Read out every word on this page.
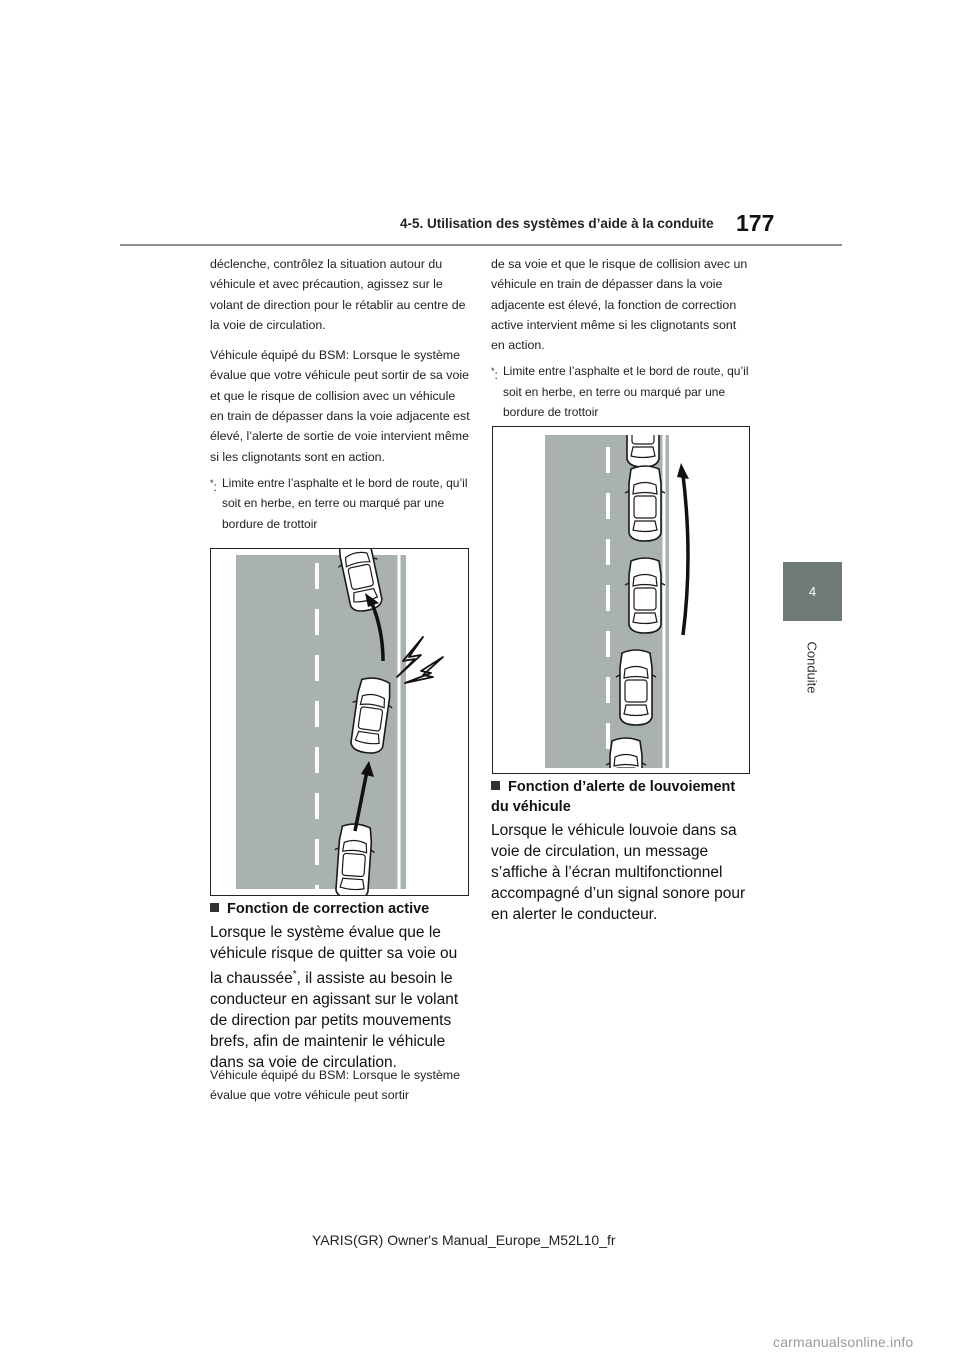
4-5. Utilisation des systèmes d’aide à la conduite 177
4
Conduite

déclenche, contrôlez la situation autour du véhicule et avec précaution, agissez sur le volant de direction pour le rétablir au centre de la voie de circulation.

Véhicule équipé du BSM: Lorsque le système évalue que votre véhicule peut sortir de sa voie et que le risque de collision avec un véhicule en train de dépasser dans la voie adjacente est élevé, l’alerte de sortie de voie intervient même si les clignotants sont en action.

*: Limite entre l’asphalte et le bord de route, qu’il soit en herbe, en terre ou marqué par une bordure de trottoir
Fonction de correction active

Lorsque le système évalue que le véhicule risque de quitter sa voie ou la chaussée*, il assiste au besoin le conducteur en agissant sur le volant de direction par petits mouvements brefs, afin de maintenir le véhicule dans sa voie de circulation.

Véhicule équipé du BSM: Lorsque le système évalue que votre véhicule peut sortir

de sa voie et que le risque de collision avec un véhicule en train de dépasser dans la voie adjacente est élevé, la fonction de correction active intervient même si les clignotants sont en action.

*: Limite entre l’asphalte et le bord de route, qu’il soit en herbe, en terre ou marqué par une bordure de trottoir
Fonction d’alerte de louvoiement du véhicule

Lorsque le véhicule louvoie dans sa voie de circulation, un message s’affiche à l’écran multifonctionnel accompagné d’un signal sonore pour en alerter le conducteur.

YARIS(GR) Owner's Manual_Europe_M52L10_fr
carmanualsonline.info
